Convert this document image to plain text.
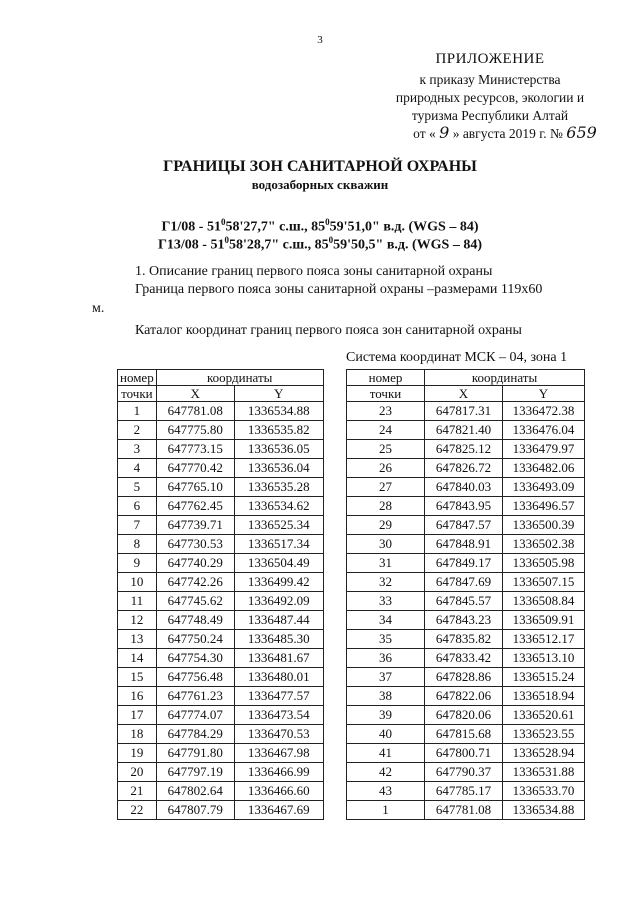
3
ПРИЛОЖЕНИЕ
к приказу Министерства
природных ресурсов, экологии и
туризма Республики Алтай
от « 9 » августа 2019 г. № 659
ГРАНИЦЫ ЗОН САНИТАРНОЙ ОХРАНЫ
водозаборных скважин
$Г1/08 - 51^058'27,7$" с.ш., $85^059'51,0$" в.д. (WGS – 84)
$Г13/08 - 51^058'28,7$" с.ш., $85^059'50,5$" в.д. (WGS – 84)
1. Описание границ первого пояса зоны санитарной охраны
Граница первого пояса зоны санитарной охраны –размерами 119х60
м.
Каталог координат границ первого пояса зон санитарной охраны
Система координат МСК – 04, зона 1
номер	координаты	
точки	X	Y
1	647781.08	1336534.88
2	647775.80	1336535.82
3	647773.15	1336536.05
4	647770.42	1336536.04
5	647765.10	1336535.28
6	647762.45	1336534.62
7	647739.71	1336525.34
8	647730.53	1336517.34
9	647740.29	1336504.49
10	647742.26	1336499.42
11	647745.62	1336492.09
12	647748.49	1336487.44
13	647750.24	1336485.30
14	647754.30	1336481.67
15	647756.48	1336480.01
16	647761.23	1336477.57
17	647774.07	1336473.54
18	647784.29	1336470.53
19	647791.80	1336467.98
20	647797.19	1336466.99
21	647802.64	1336466.60
22	647807.79	1336467.69
номер	координаты	
точки	X	Y
23	647817.31	1336472.38
24	647821.40	1336476.04
25	647825.12	1336479.97
26	647826.72	1336482.06
27	647840.03	1336493.09
28	647843.95	1336496.57
29	647847.57	1336500.39
30	647848.91	1336502.38
31	647849.17	1336505.98
32	647847.69	1336507.15
33	647845.57	1336508.84
34	647843.23	1336509.91
35	647835.82	1336512.17
36	647833.42	1336513.10
37	647828.86	1336515.24
38	647822.06	1336518.94
39	647820.06	1336520.61
40	647815.68	1336523.55
41	647800.71	1336528.94
42	647790.37	1336531.88
43	647785.17	1336533.70
1	647781.08	1336534.88
